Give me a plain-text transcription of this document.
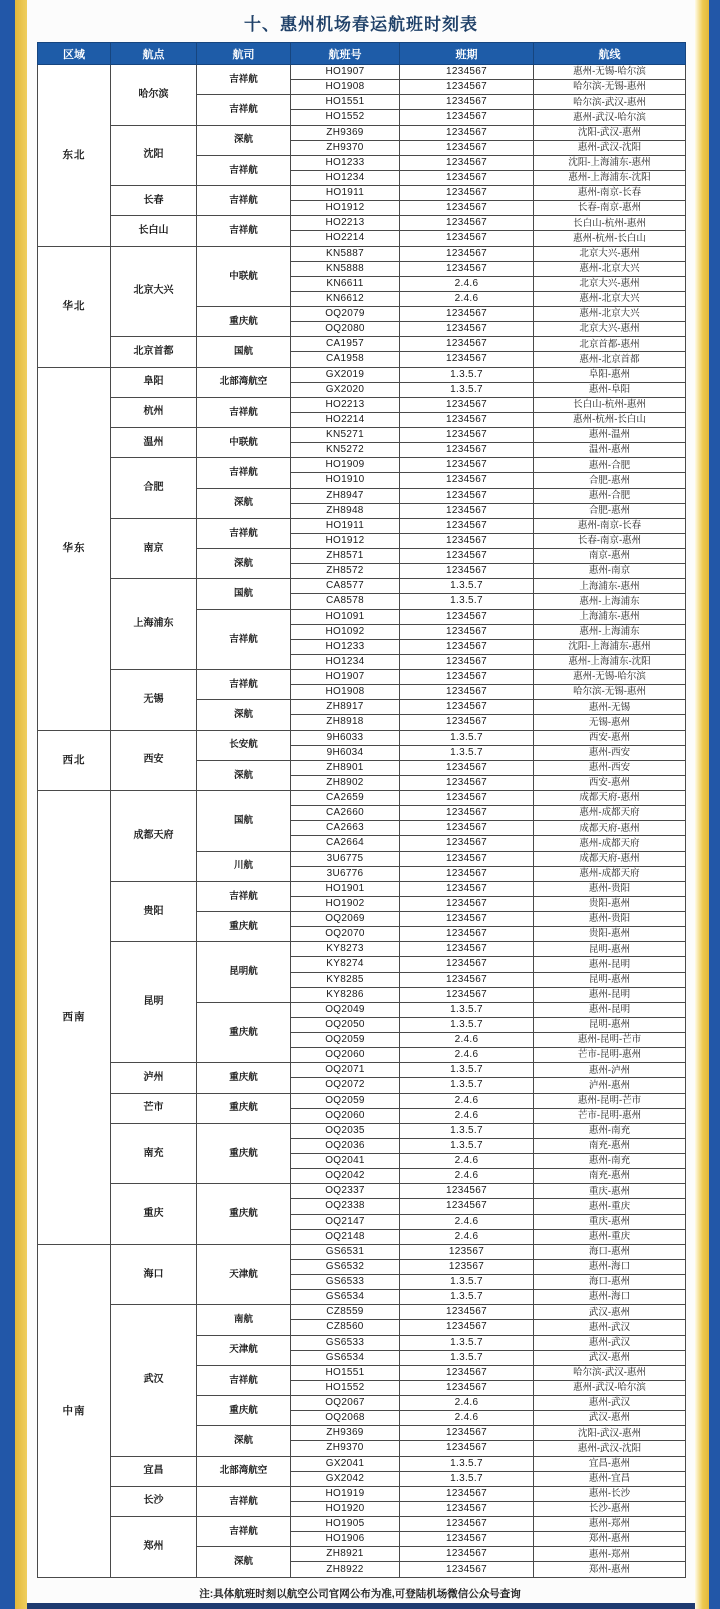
十、惠州机场春运航班时刻表
区域	航点	航司	航班号	班期	航线
东北	哈尔滨	吉祥航	HO1907	1234567	惠州-无锡-哈尔滨
			HO1908	1234567	哈尔滨-无锡-惠州
		吉祥航	HO1551	1234567	哈尔滨-武汉-惠州
			HO1552	1234567	惠州-武汉-哈尔滨
	沈阳	深航	ZH9369	1234567	沈阳-武汉-惠州
			ZH9370	1234567	惠州-武汉-沈阳
		吉祥航	HO1233	1234567	沈阳-上海浦东-惠州
			HO1234	1234567	惠州-上海浦东-沈阳
	长春	吉祥航	HO1911	1234567	惠州-南京-长春
			HO1912	1234567	长春-南京-惠州
	长白山	吉祥航	HO2213	1234567	长白山-杭州-惠州
			HO2214	1234567	惠州-杭州-长白山
华北	北京大兴	中联航	KN5887	1234567	北京大兴-惠州
			KN5888	1234567	惠州-北京大兴
			KN6611	2.4.6	北京大兴-惠州
			KN6612	2.4.6	惠州-北京大兴
		重庆航	OQ2079	1234567	惠州-北京大兴
			OQ2080	1234567	北京大兴-惠州
	北京首都	国航	CA1957	1234567	北京首都-惠州
			CA1958	1234567	惠州-北京首都
华东	阜阳	北部湾航空	GX2019	1.3.5.7	阜阳-惠州
			GX2020	1.3.5.7	惠州-阜阳
	杭州	吉祥航	HO2213	1234567	长白山-杭州-惠州
			HO2214	1234567	惠州-杭州-长白山
	温州	中联航	KN5271	1234567	惠州-温州
			KN5272	1234567	温州-惠州
	合肥	吉祥航	HO1909	1234567	惠州-合肥
			HO1910	1234567	合肥-惠州
		深航	ZH8947	1234567	惠州-合肥
			ZH8948	1234567	合肥-惠州
	南京	吉祥航	HO1911	1234567	惠州-南京-长春
			HO1912	1234567	长春-南京-惠州
		深航	ZH8571	1234567	南京-惠州
			ZH8572	1234567	惠州-南京
	上海浦东	国航	CA8577	1.3.5.7	上海浦东-惠州
			CA8578	1.3.5.7	惠州-上海浦东
		吉祥航	HO1091	1234567	上海浦东-惠州
			HO1092	1234567	惠州-上海浦东
			HO1233	1234567	沈阳-上海浦东-惠州
			HO1234	1234567	惠州-上海浦东-沈阳
	无锡	吉祥航	HO1907	1234567	惠州-无锡-哈尔滨
			HO1908	1234567	哈尔滨-无锡-惠州
		深航	ZH8917	1234567	惠州-无锡
			ZH8918	1234567	无锡-惠州
西北	西安	长安航	9H6033	1.3.5.7	西安-惠州
			9H6034	1.3.5.7	惠州-西安
		深航	ZH8901	1234567	惠州-西安
			ZH8902	1234567	西安-惠州
西南	成都天府	国航	CA2659	1234567	成都天府-惠州
			CA2660	1234567	惠州-成都天府
			CA2663	1234567	成都天府-惠州
			CA2664	1234567	惠州-成都天府
		川航	3U6775	1234567	成都天府-惠州
			3U6776	1234567	惠州-成都天府
	贵阳	吉祥航	HO1901	1234567	惠州-贵阳
			HO1902	1234567	贵阳-惠州
		重庆航	OQ2069	1234567	惠州-贵阳
			OQ2070	1234567	贵阳-惠州
	昆明	昆明航	KY8273	1234567	昆明-惠州
			KY8274	1234567	惠州-昆明
			KY8285	1234567	昆明-惠州
			KY8286	1234567	惠州-昆明
		重庆航	OQ2049	1.3.5.7	惠州-昆明
			OQ2050	1.3.5.7	昆明-惠州
			OQ2059	2.4.6	惠州-昆明-芒市
			OQ2060	2.4.6	芒市-昆明-惠州
	泸州	重庆航	OQ2071	1.3.5.7	惠州-泸州
			OQ2072	1.3.5.7	泸州-惠州
	芒市	重庆航	OQ2059	2.4.6	惠州-昆明-芒市
			OQ2060	2.4.6	芒市-昆明-惠州
	南充	重庆航	OQ2035	1.3.5.7	惠州-南充
			OQ2036	1.3.5.7	南充-惠州
			OQ2041	2.4.6	惠州-南充
			OQ2042	2.4.6	南充-惠州
	重庆	重庆航	OQ2337	1234567	重庆-惠州
			OQ2338	1234567	惠州-重庆
			OQ2147	2.4.6	重庆-惠州
			OQ2148	2.4.6	惠州-重庆
中南	海口	天津航	GS6531	123567	海口-惠州
			GS6532	123567	惠州-海口
			GS6533	1.3.5.7	海口-惠州
			GS6534	1.3.5.7	惠州-海口
	武汉	南航	CZ8559	1234567	武汉-惠州
			CZ8560	1234567	惠州-武汉
		天津航	GS6533	1.3.5.7	惠州-武汉
			GS6534	1.3.5.7	武汉-惠州
		吉祥航	HO1551	1234567	哈尔滨-武汉-惠州
			HO1552	1234567	惠州-武汉-哈尔滨
		重庆航	OQ2067	2.4.6	惠州-武汉
			OQ2068	2.4.6	武汉-惠州
		深航	ZH9369	1234567	沈阳-武汉-惠州
			ZH9370	1234567	惠州-武汉-沈阳
	宜昌	北部湾航空	GX2041	1.3.5.7	宜昌-惠州
			GX2042	1.3.5.7	惠州-宜昌
	长沙	吉祥航	HO1919	1234567	惠州-长沙
			HO1920	1234567	长沙-惠州
	郑州	吉祥航	HO1905	1234567	惠州-郑州
			HO1906	1234567	郑州-惠州
		深航	ZH8921	1234567	惠州-郑州
			ZH8922	1234567	郑州-惠州
注:具体航班时刻以航空公司官网公布为准,可登陆机场微信公众号查询
